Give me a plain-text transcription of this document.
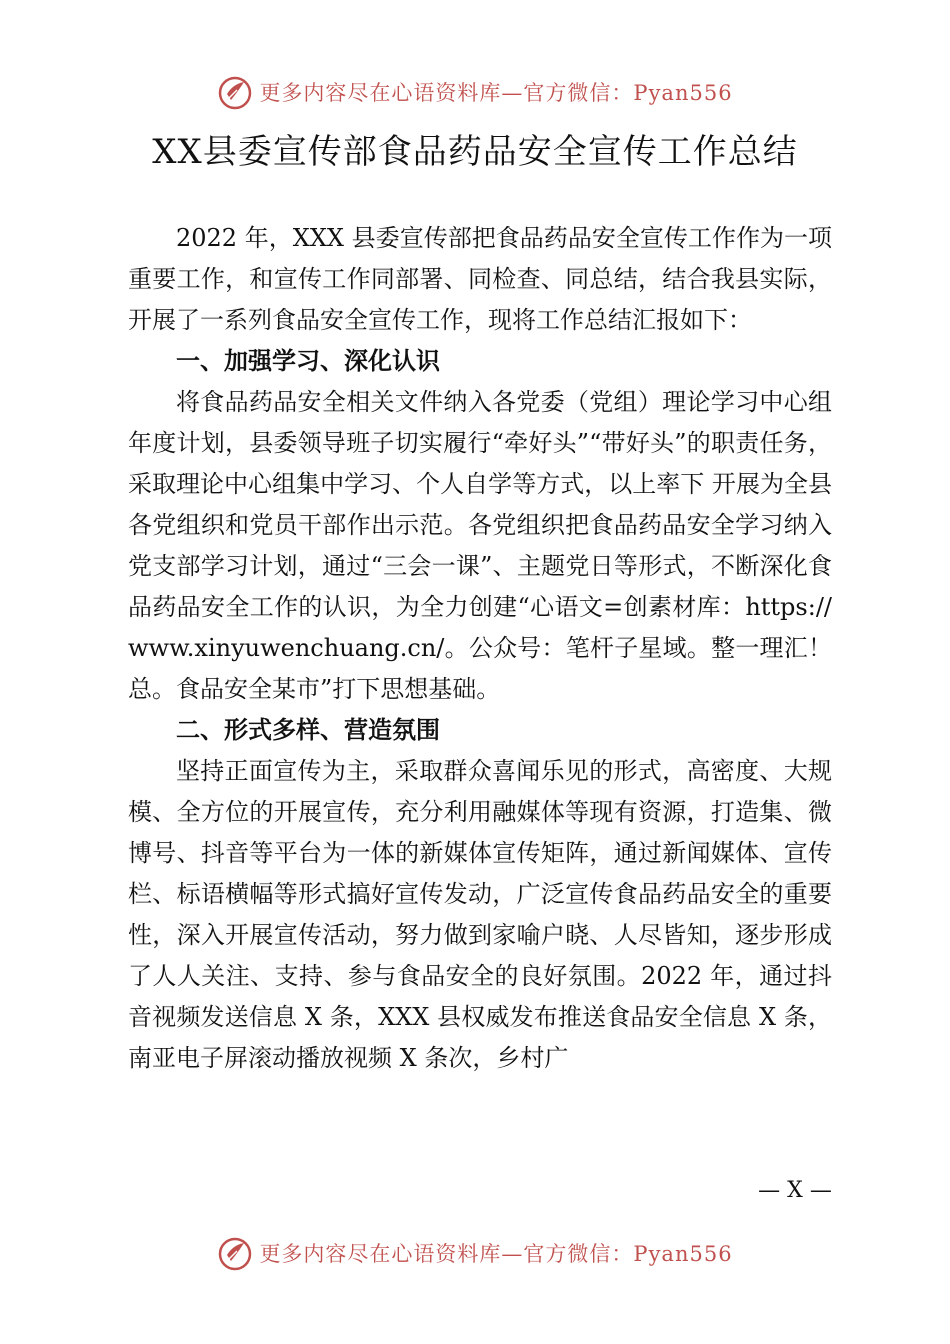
更多内容尽在心语资料库—官方微信：Pyan556
XX县委宣传部食品药品安全宣传工作总结

2022 年，XXX 县委宣传部把食品药品安全宣传工作作为一项重要工作，和宣传工作同部署、同检查、同总结，结合我县实际，开展了一系列食品安全宣传工作，现将工作总结汇报如下：

一、加强学习、深化认识

将食品药品安全相关文件纳入各党委（党组）理论学习中心组年度计划，县委领导班子切实履行“牵好头”“带好头”的职责任务，采取理论中心组集中学习、个人自学等方式，以上率下 开展为全县各党组织和党员干部作出示范。各党组织把食品药品安全学习纳入党支部学习计划，通过“三会一课”、主题党日等形式，不断深化食品药品安全工作的认识，为全力创建“心语文=创素材库：https://www.xinyuwenchuang.cn/。公众号：笔杆子星域。整一理汇！总。食品安全某市”打下思想基础。

二、形式多样、营造氛围

坚持正面宣传为主，采取群众喜闻乐见的形式，高密度、大规模、全方位的开展宣传，充分利用融媒体等现有资源，打造集、微博号、抖音等平台为一体的新媒体宣传矩阵，通过新闻媒体、宣传栏、标语横幅等形式搞好宣传发动，广泛宣传食品药品安全的重要性，深入开展宣传活动，努力做到家喻户晓、人尽皆知，逐步形成了人人关注、支持、参与食品安全的良好氛围。2022 年，通过抖音视频发送信息 X 条，XXX 县权威发布推送食品安全信息 X 条，南亚电子屏滚动播放视频 X 条次，乡村广

— X —
更多内容尽在心语资料库—官方微信：Pyan556
